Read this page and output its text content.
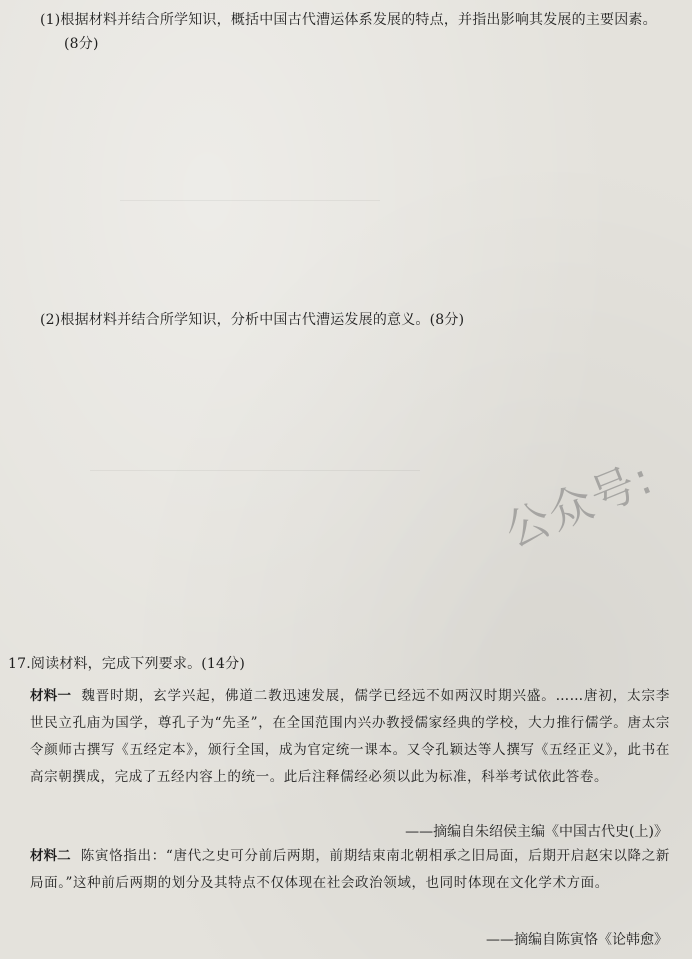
(1)根据材料并结合所学知识，概括中国古代漕运体系发展的特点，并指出影响其发展的主要因素。
(8分)
(2)根据材料并结合所学知识，分析中国古代漕运发展的意义。(8分)
公众号:
17.阅读材料，完成下列要求。(14分)
材料一 魏晋时期，玄学兴起，佛道二教迅速发展，儒学已经远不如两汉时期兴盛。……唐初，太宗李世民立孔庙为国学，尊孔子为“先圣”，在全国范围内兴办教授儒家经典的学校，大力推行儒学。唐太宗令颜师古撰写《五经定本》，颁行全国，成为官定统一课本。又令孔颖达等人撰写《五经正义》，此书在高宗朝撰成，完成了五经内容上的统一。此后注释儒经必须以此为标准，科举考试依此答卷。
——摘编自朱绍侯主编《中国古代史(上)》
材料二 陈寅恪指出：“唐代之史可分前后两期，前期结束南北朝相承之旧局面，后期开启赵宋以降之新局面。”这种前后两期的划分及其特点不仅体现在社会政治领域，也同时体现在文化学术方面。
——摘编自陈寅恪《论韩愈》
